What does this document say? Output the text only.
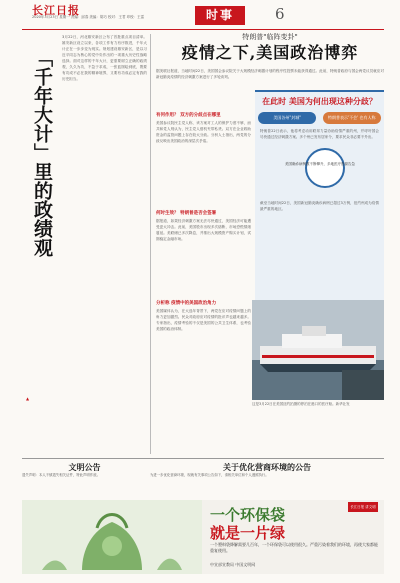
长江日报
2020年3月23日 星期一 责编：邱春 美编：胡巧 校对：王君 印校：王雷	时事	6
「千年大计」里的政绩观
▲
3月22日，河北雄安新区公布了首批重点项目清单。雄安新区设立以来，各项工作有力有序推进，千年大计正在一步步变为现实。规划建设雄安新区，是以习近平同志为核心的党中央作出的一项重大历史性战略选择。面对这样的千年大计，更需要树立正确的政绩观，久久为功，不急于求成，一张蓝图绘到底，既要有功成不必在我的精神境界，又要有功成必定有我的历史担当。
特朗普"临阵变卦"
疫情之下,美国政治博弈
据美联社报道，当地时间22日，美国国会参议院关于大规模经济刺激计划的程序性投票未能获得通过。此前，特朗普政府与国会两党议员就应对新冠肺炎疫情的经济刺激方案进行了多轮谈判。
有何作用？ 双方的分歧点在哪里
美国参议院民主党人称，该方案对工人的保护力度不够，而共和党人则认为，民主党人借机夹带私货。双方在企业救助资金的监管问题上存在较大分歧。分析人士指出，两党的分歧反映出美国政治的深层次矛盾。
何时生效？ 特朗普是否会签署
据报道，如果经济刺激方案无法尽快通过，美国经济可能遭受更大冲击。此前，美国股市出现多次熔断，市场恐慌情绪蔓延。美联储已多次降息，并推出大规模资产购买计划，试图稳定金融市场。
分析称 疫情中的美国政治角力
美国媒体认为，在大选年背景下，两党在应对疫情问题上的角力更加激烈。民众对政府应对疫情的批评声也越来越多。专家指出，疫情考验的不仅是美国的公共卫生体系，也考验美国的政治体制。
在此时 美国为何出现这种分歧？
美国各州"封城"	特朗普表示'不会' 也有人称
特朗普22日表示，他将考虑动用联邦力量协助疫情严重的州，并呼吁国会尽快通过经济刺激方案。多个州已发布居家令，要求民众非必要不外出。
美国确诊病例数不断攀升，多地医疗资源告急
截至当地时间22日，美国新冠肺炎确诊病例已超过3万例，纽约州成为疫情最严重的地区。
这是3月22日在美国纽约拍摄的停泊在港口的医疗船。新华社发
文明公告
遗失声明：本人不慎遗失相关证件，特此声明作废。
关于优化营商环境的公告
为进一步优化营商环境，现就有关事项公告如下，请相关单位和个人遵照执行。
一个环保袋
就是一片绿
一个塑料袋降解需要几百年，一个环保袋可以使用很久。严重污染着我们的环境，再使大家都能重复使用。
中宣部宣教局 中国文明网
长江日报 讲文明
